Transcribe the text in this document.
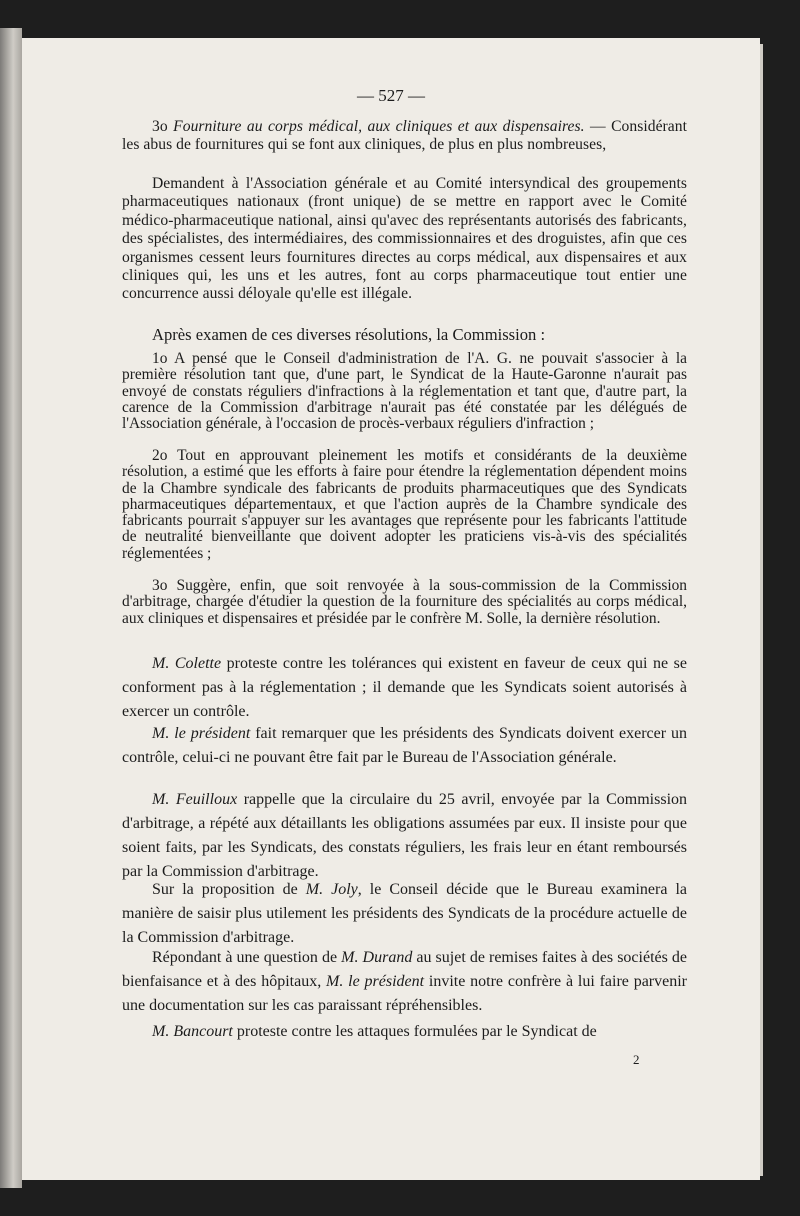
— 527 —

3o Fourniture au corps médical, aux cliniques et aux dispensaires. — Considérant les abus de fournitures qui se font aux cliniques, de plus en plus nombreuses,

Demandent à l'Association générale et au Comité intersyndical des groupements pharmaceutiques nationaux (front unique) de se mettre en rapport avec le Comité médico-pharmaceutique national, ainsi qu'avec des représentants autorisés des fabricants, des spécialistes, des intermédiaires, des commissionnaires et des droguistes, afin que ces organismes cessent leurs fournitures directes au corps médical, aux dispensaires et aux cliniques qui, les uns et les autres, font au corps pharmaceutique tout entier une concurrence aussi déloyale qu'elle est illégale.

Après examen de ces diverses résolutions, la Commission :

1o A pensé que le Conseil d'administration de l'A. G. ne pouvait s'associer à la première résolution tant que, d'une part, le Syndicat de la Haute-Garonne n'aurait pas envoyé de constats réguliers d'infractions à la réglementation et tant que, d'autre part, la carence de la Commission d'arbitrage n'aurait pas été constatée par les délégués de l'Association générale, à l'occasion de procès-verbaux réguliers d'infraction ;

2o Tout en approuvant pleinement les motifs et considérants de la deuxième résolution, a estimé que les efforts à faire pour étendre la réglementation dépendent moins de la Chambre syndicale des fabricants de produits pharmaceutiques que des Syndicats pharmaceutiques départementaux, et que l'action auprès de la Chambre syndicale des fabricants pourrait s'appuyer sur les avantages que représente pour les fabricants l'attitude de neutralité bienveillante que doivent adopter les praticiens vis-à-vis des spécialités réglementées ;

3o Suggère, enfin, que soit renvoyée à la sous-commission de la Commission d'arbitrage, chargée d'étudier la question de la fourniture des spécialités au corps médical, aux cliniques et dispensaires et présidée par le confrère M. Solle, la dernière résolution.

M. Colette proteste contre les tolérances qui existent en faveur de ceux qui ne se conforment pas à la réglementation ; il demande que les Syndicats soient autorisés à exercer un contrôle.

M. le président fait remarquer que les présidents des Syndicats doivent exercer un contrôle, celui-ci ne pouvant être fait par le Bureau de l'Association générale.

M. Feuilloux rappelle que la circulaire du 25 avril, envoyée par la Commission d'arbitrage, a répété aux détaillants les obligations assumées par eux. Il insiste pour que soient faits, par les Syndicats, des constats réguliers, les frais leur en étant remboursés par la Commission d'arbitrage.

Sur la proposition de M. Joly, le Conseil décide que le Bureau examinera la manière de saisir plus utilement les présidents des Syndicats de la procédure actuelle de la Commission d'arbitrage.

Répondant à une question de M. Durand au sujet de remises faites à des sociétés de bienfaisance et à des hôpitaux, M. le président invite notre confrère à lui faire parvenir une documentation sur les cas paraissant répréhensibles.

M. Bancourt proteste contre les attaques formulées par le Syndicat de

2
